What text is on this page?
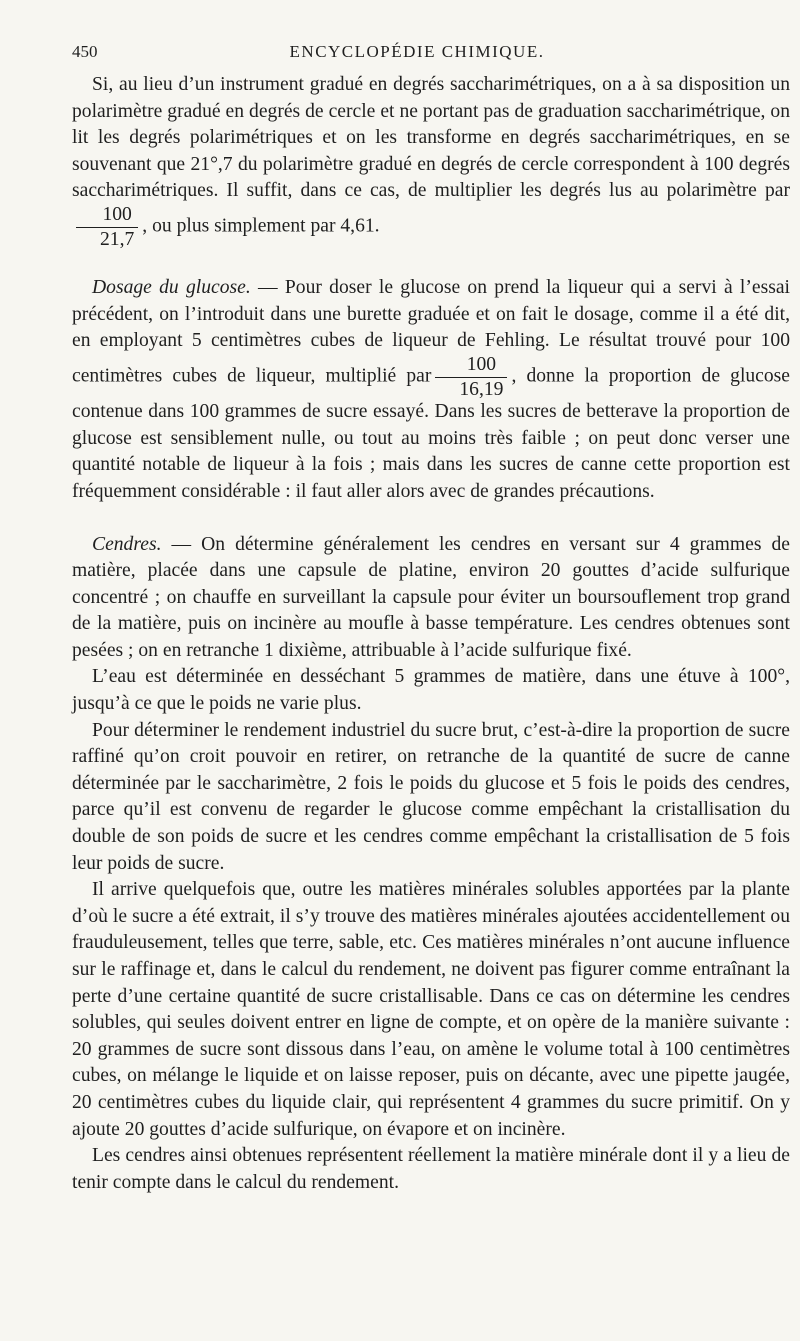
450	ENCYCLOPÉDIE CHIMIQUE.

Si, au lieu d’un instrument gradué en degrés saccharimétriques, on a à sa disposition un polarimètre gradué en degrés de cercle et ne portant pas de graduation saccharimétrique, on lit les degrés polarimétriques et on les transforme en degrés saccharimétriques, en se souvenant que 21°,7 du polarimètre gradué en degrés de cercle correspondent à 100 degrés saccharimétriques. Il suffit, dans ce cas, de multiplier les degrés lus au polarimètre par
$\frac{100}{21,7}$ , ou plus simplement par 4,61.

Dosage du glucose. — Pour doser le glucose on prend la liqueur qui a servi à l’essai précédent, on l’introduit dans une burette graduée et on fait le dosage, comme il a été dit, en employant 5 centimètres cubes de liqueur de Fehling. Le résultat trouvé pour 100 centimètres cubes de liqueur, multiplié par $\frac{100}{16,19}$ , donne la proportion de glucose contenue dans 100 grammes de sucre essayé. Dans les sucres de betterave la proportion de glucose est sensiblement nulle, ou tout au moins très faible ; on peut donc verser une quantité notable de liqueur à la fois ; mais dans les sucres de canne cette proportion est fréquemment considérable : il faut aller alors avec de grandes précautions.

Cendres. — On détermine généralement les cendres en versant sur 4 grammes de matière, placée dans une capsule de platine, environ 20 gouttes d’acide sulfurique concentré ; on chauffe en surveillant la capsule pour éviter un boursouflement trop grand de la matière, puis on incinère au moufle à basse température. Les cendres obtenues sont pesées ; on en retranche 1 dixième, attribuable à l’acide sulfurique fixé.

L’eau est déterminée en desséchant 5 grammes de matière, dans une étuve à 100°, jusqu’à ce que le poids ne varie plus.

Pour déterminer le rendement industriel du sucre brut, c’est-à-dire la proportion de sucre raffiné qu’on croit pouvoir en retirer, on retranche de la quantité de sucre de canne déterminée par le saccharimètre, 2 fois le poids du glucose et 5 fois le poids des cendres, parce qu’il est convenu de regarder le glucose comme empêchant la cristallisation du double de son poids de sucre et les cendres comme empêchant la cristallisation de 5 fois leur poids de sucre.

Il arrive quelquefois que, outre les matières minérales solubles apportées par la plante d’où le sucre a été extrait, il s’y trouve des matières minérales ajoutées accidentellement ou frauduleusement, telles que terre, sable, etc. Ces matières minérales n’ont aucune influence sur le raffinage et, dans le calcul du rendement, ne doivent pas figurer comme entraînant la perte d’une certaine quantité de sucre cristallisable. Dans ce cas on détermine les cendres solubles, qui seules doivent entrer en ligne de compte, et on opère de la manière suivante : 20 grammes de sucre sont dissous dans l’eau, on amène le volume total à 100 centimètres cubes, on mélange le liquide et on laisse reposer, puis on décante, avec une pipette jaugée, 20 centimètres cubes du liquide clair, qui représentent 4 grammes du sucre primitif. On y ajoute 20 gouttes d’acide sulfurique, on évapore et on incinère.

Les cendres ainsi obtenues représentent réellement la matière minérale dont il y a lieu de tenir compte dans le calcul du rendement.
